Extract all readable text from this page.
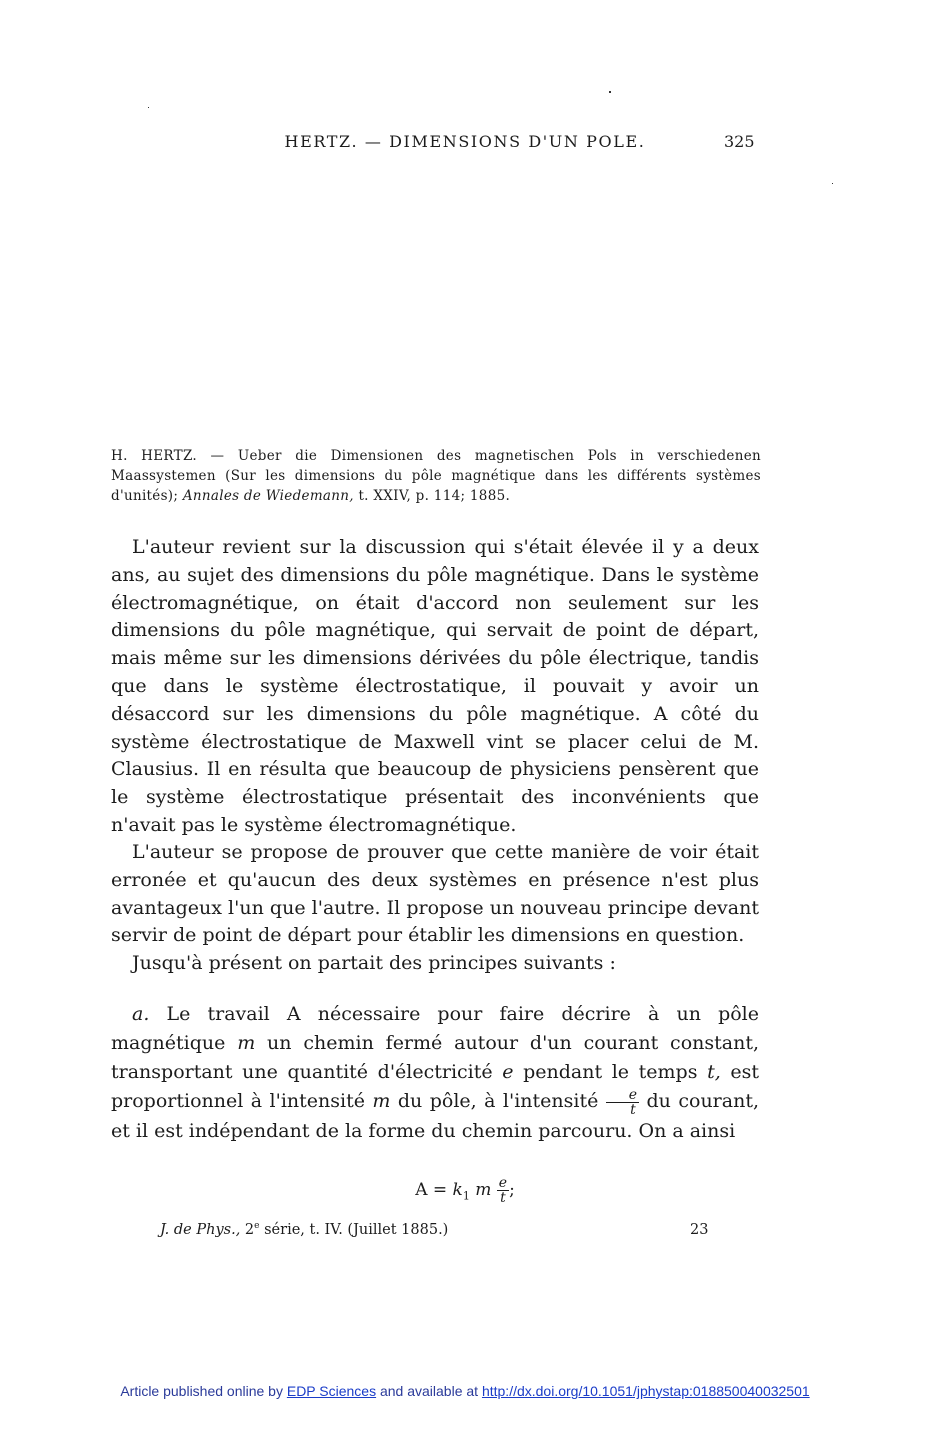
HERTZ. — DIMENSIONS D'UN POLE.	325
H. HERTZ. — Ueber die Dimensionen des magnetischen Pols in verschiedenen Maassystemen (Sur les dimensions du pôle magnétique dans les différents systèmes d'unités); Annales de Wiedemann, t. XXIV, p. 114; 1885.

L'auteur revient sur la discussion qui s'était élevée il y a deux ans, au sujet des dimensions du pôle magnétique. Dans le système électromagnétique, on était d'accord non seulement sur les dimensions du pôle magnétique, qui servait de point de départ, mais même sur les dimensions dérivées du pôle électrique, tandis que dans le système électrostatique, il pouvait y avoir un désaccord sur les dimensions du pôle magnétique. A côté du système électrostatique de Maxwell vint se placer celui de M. Clausius. Il en résulta que beaucoup de physiciens pensèrent que le système électrostatique présentait des inconvénients que n'avait pas le système électromagnétique.

L'auteur se propose de prouver que cette manière de voir était erronée et qu'aucun des deux systèmes en présence n'est plus avantageux l'un que l'autre. Il propose un nouveau principe devant servir de point de départ pour établir les dimensions en question.

Jusqu'à présent on partait des principes suivants :

a. Le travail A nécessaire pour faire décrire à un pôle magnétique m un chemin fermé autour d'un courant constant, transportant une quantité d'électricité e pendant le temps t, est proportionnel à l'intensité m du pôle, à l'intensité $\frac{e}{t}$ du courant, et il est indépendant de la forme du chemin parcouru. On a ainsi

$A = k_1$ m $\frac{e}{t}$ ;
J. de Phys., 2e série, t. IV. (Juillet 1885.)	23
Article published online by EDP Sciences and available at http://dx.doi.org/10.1051/jphystap:018850040032501
